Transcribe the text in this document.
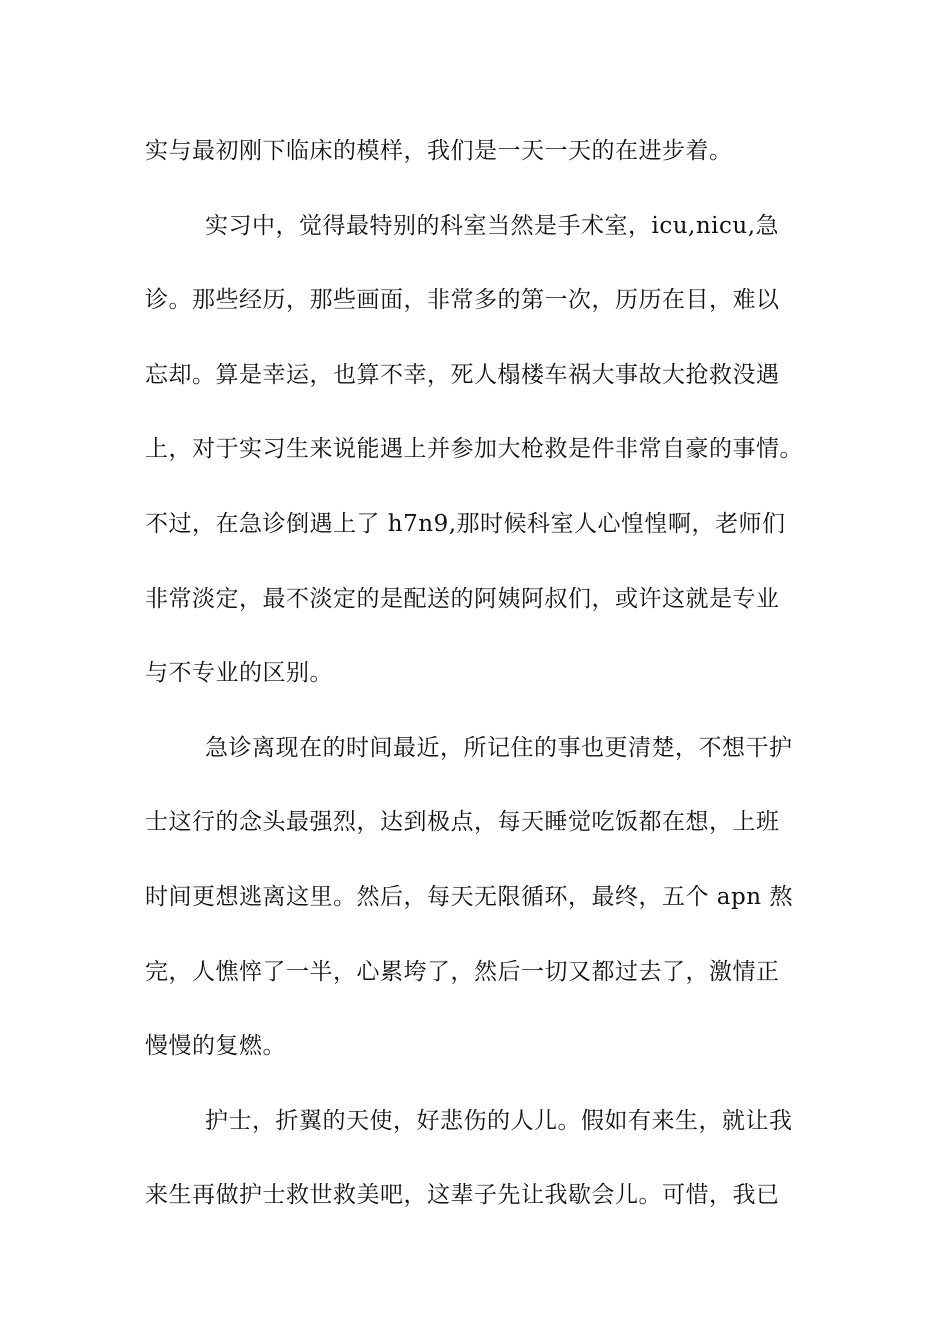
实与最初刚下临床的模样，我们是一天一天的在进步着。
实习中，觉得最特别的科室当然是手术室，icu,nicu,急
诊。那些经历，那些画面，非常多的第一次，历历在目，难以
忘却。算是幸运，也算不幸，死人榻楼车祸大事故大抢救没遇
上，对于实习生来说能遇上并参加大枪救是件非常自豪的事情。
不过，在急诊倒遇上了 h7n9,那时候科室人心惶惶啊，老师们
非常淡定，最不淡定的是配送的阿姨阿叔们，或许这就是专业
与不专业的区别。
急诊离现在的时间最近，所记住的事也更清楚，不想干护
士这行的念头最强烈，达到极点，每天睡觉吃饭都在想，上班
时间更想逃离这里。然后，每天无限循环，最终，五个 apn 熬
完，人憔悴了一半，心累垮了，然后一切又都过去了，激情正
慢慢的复燃。
护士，折翼的天使，好悲伤的人儿。假如有来生，就让我
来生再做护士救世救美吧，这辈子先让我歇会儿。可惜，我已
